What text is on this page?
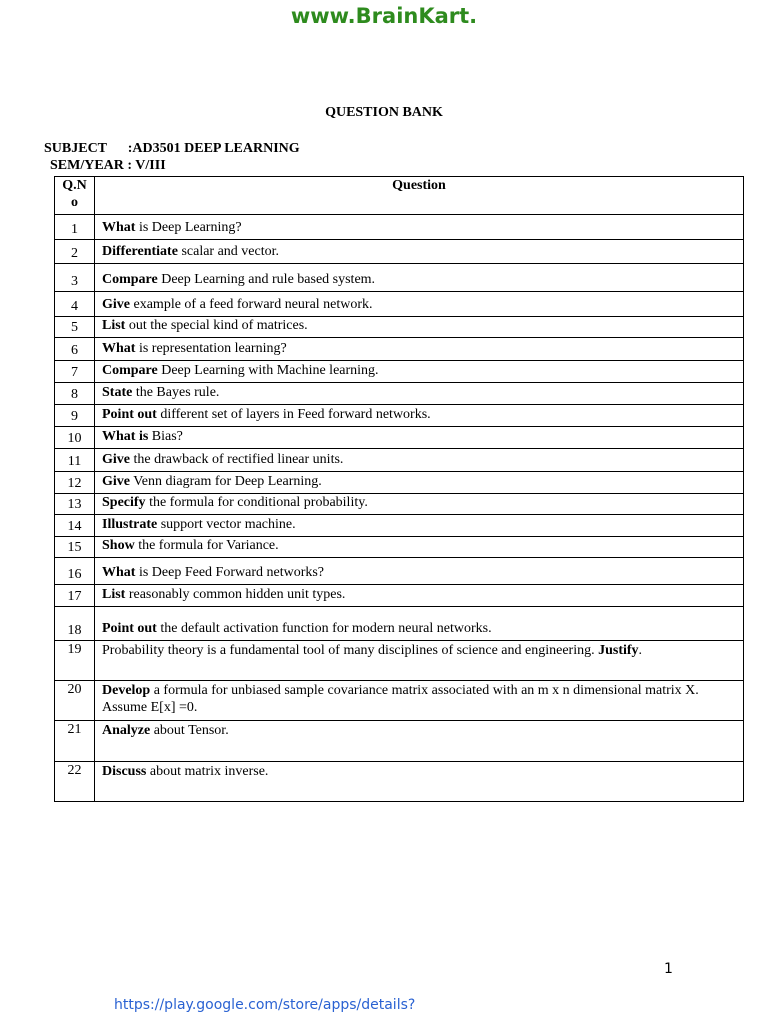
www.BrainKart.
QUESTION BANK
SUBJECT      :AD3501 DEEP LEARNING
SEM/YEAR : V/III
Q.N
o	Question
1	What is Deep Learning?
2	Differentiate scalar and vector.
3	Compare Deep Learning and rule based system.
4	Give example of a feed forward neural network.
5	List out the special kind of matrices.
6	What is representation learning?
7	Compare Deep Learning with Machine learning.
8	State the Bayes rule.
9	Point out different set of layers in Feed forward networks.
10	What is Bias?
11	Give the drawback of rectified linear units.
12	Give Venn diagram for Deep Learning.
13	Specify the formula for conditional probability.
14	Illustrate support vector machine.
15	Show the formula for Variance.
16	What is Deep Feed Forward networks?
17	List reasonably common hidden unit types.
18	Point out the default activation function for modern neural networks.
19	Probability theory is a fundamental tool of many disciplines of science and engineering. Justify.
20	Develop a formula for unbiased sample covariance matrix associated with an m x n dimensional matrix X. Assume E[x] =0.
21	Analyze about Tensor.
22	Discuss about matrix inverse.
1
https://play.google.com/store/apps/details?
